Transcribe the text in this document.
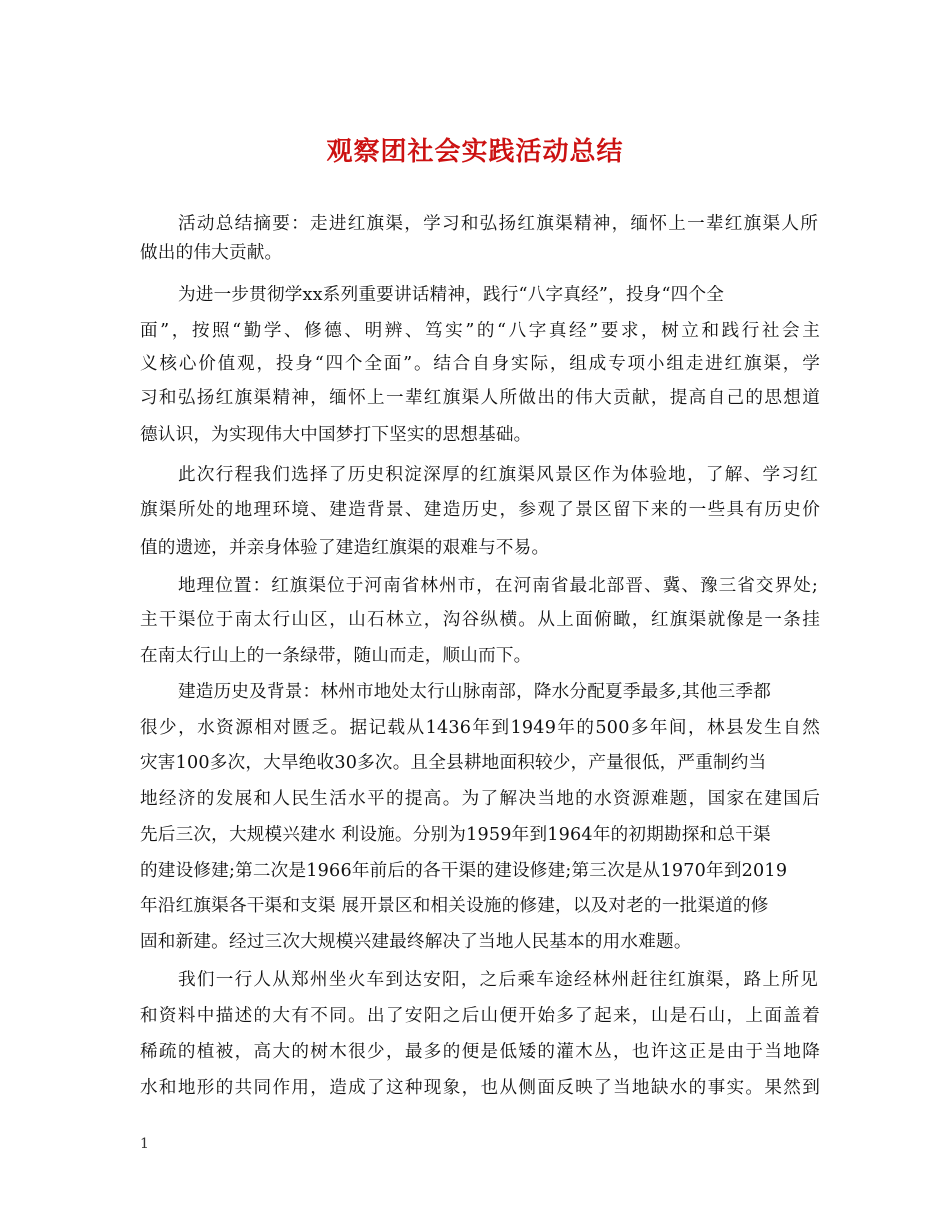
观察团社会实践活动总结
活动总结摘要：走进红旗渠，学习和弘扬红旗渠精神，缅怀上一辈红旗渠人所
做出的伟大贡献。
为进一步贯彻学xx系列重要讲话精神，践行“八字真经”，投身“四个全
面”，按照“勤学、修德、明辨、笃实”的“八字真经”要求，树立和践行社会主
义核心价值观，投身“四个全面”。结合自身实际，组成专项小组走进红旗渠，学
习和弘扬红旗渠精神，缅怀上一辈红旗渠人所做出的伟大贡献，提高自己的思想道
德认识，为实现伟大中国梦打下坚实的思想基础。
此次行程我们选择了历史积淀深厚的红旗渠风景区作为体验地，了解、学习红
旗渠所处的地理环境、建造背景、建造历史，参观了景区留下来的一些具有历史价
值的遗迹，并亲身体验了建造红旗渠的艰难与不易。
地理位置：红旗渠位于河南省林州市，在河南省最北部晋、冀、豫三省交界处;
主干渠位于南太行山区，山石林立，沟谷纵横。从上面俯瞰，红旗渠就像是一条挂
在南太行山上的一条绿带，随山而走，顺山而下。
建造历史及背景：林州市地处太行山脉南部，降水分配夏季最多,其他三季都
很少，水资源相对匮乏。据记载从1436年到1949年的500多年间，林县发生自然
灾害100多次，大旱绝收30多次。且全县耕地面积较少，产量很低，严重制约当
地经济的发展和人民生活水平的提高。为了解决当地的水资源难题，国家在建国后
先后三次，大规模兴建水 利设施。分别为1959年到1964年的初期勘探和总干渠
的建设修建;第二次是1966年前后的各干渠的建设修建;第三次是从1970年到2019
年沿红旗渠各干渠和支渠 展开景区和相关设施的修建，以及对老的一批渠道的修
固和新建。经过三次大规模兴建最终解决了当地人民基本的用水难题。
我们一行人从郑州坐火车到达安阳，之后乘车途经林州赶往红旗渠，路上所见
和资料中描述的大有不同。出了安阳之后山便开始多了起来，山是石山，上面盖着
稀疏的植被，高大的树木很少，最多的便是低矮的灌木丛，也许这正是由于当地降
水和地形的共同作用，造成了这种现象，也从侧面反映了当地缺水的事实。果然到
1
